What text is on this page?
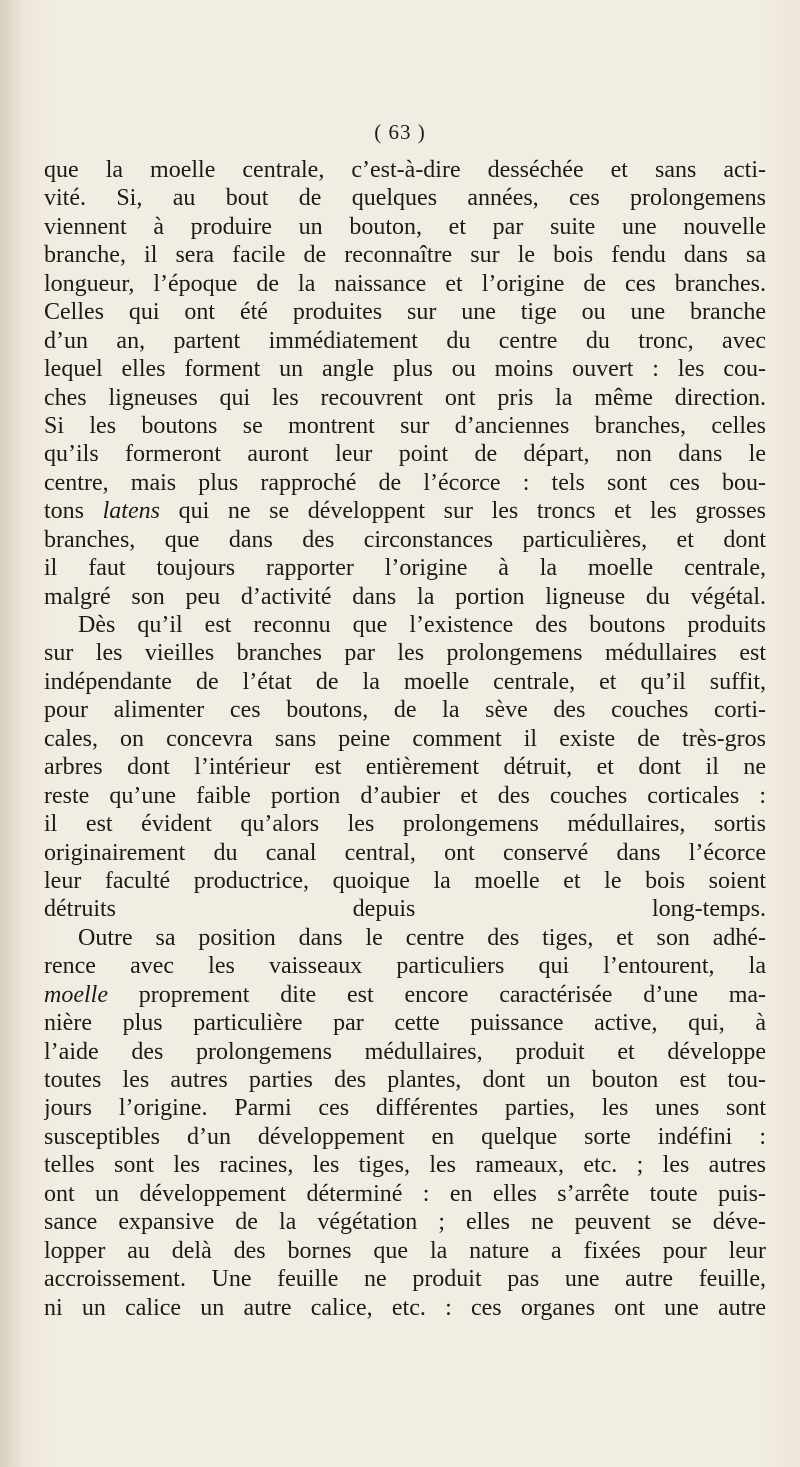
( 63 )
que la moelle centrale, c’est-à-dire desséchée et sans acti-
vité. Si, au bout de quelques années, ces prolongemens
viennent à produire un bouton, et par suite une nouvelle
branche, il sera facile de reconnaître sur le bois fendu dans sa
longueur, l’époque de la naissance et l’origine de ces branches.
Celles qui ont été produites sur une tige ou une branche
d’un an, partent immédiatement du centre du tronc, avec
lequel elles forment un angle plus ou moins ouvert : les cou-
ches ligneuses qui les recouvrent ont pris la même direction.
Si les boutons se montrent sur d’anciennes branches, celles
qu’ils formeront auront leur point de départ, non dans le
centre, mais plus rapproché de l’écorce : tels sont ces bou-
tons latens qui ne se développent sur les troncs et les grosses
branches, que dans des circonstances particulières, et dont
il faut toujours rapporter l’origine à la moelle centrale,
malgré son peu d’activité dans la portion ligneuse du végétal.
Dès qu’il est reconnu que l’existence des boutons produits
sur les vieilles branches par les prolongemens médullaires est
indépendante de l’état de la moelle centrale, et qu’il suffit,
pour alimenter ces boutons, de la sève des couches corti-
cales, on concevra sans peine comment il existe de très-gros
arbres dont l’intérieur est entièrement détruit, et dont il ne
reste qu’une faible portion d’aubier et des couches corticales :
il est évident qu’alors les prolongemens médullaires, sortis
originairement du canal central, ont conservé dans l’écorce
leur faculté productrice, quoique la moelle et le bois soient
détruits depuis long-temps.
Outre sa position dans le centre des tiges, et son adhé-
rence avec les vaisseaux particuliers qui l’entourent, la
moelle proprement dite est encore caractérisée d’une ma-
nière plus particulière par cette puissance active, qui, à
l’aide des prolongemens médullaires, produit et développe
toutes les autres parties des plantes, dont un bouton est tou-
jours l’origine. Parmi ces différentes parties, les unes sont
susceptibles d’un développement en quelque sorte indéfini :
telles sont les racines, les tiges, les rameaux, etc. ; les autres
ont un développement déterminé : en elles s’arrête toute puis-
sance expansive de la végétation ; elles ne peuvent se déve-
lopper au delà des bornes que la nature a fixées pour leur
accroissement. Une feuille ne produit pas une autre feuille,
ni un calice un autre calice, etc. : ces organes ont une autre
